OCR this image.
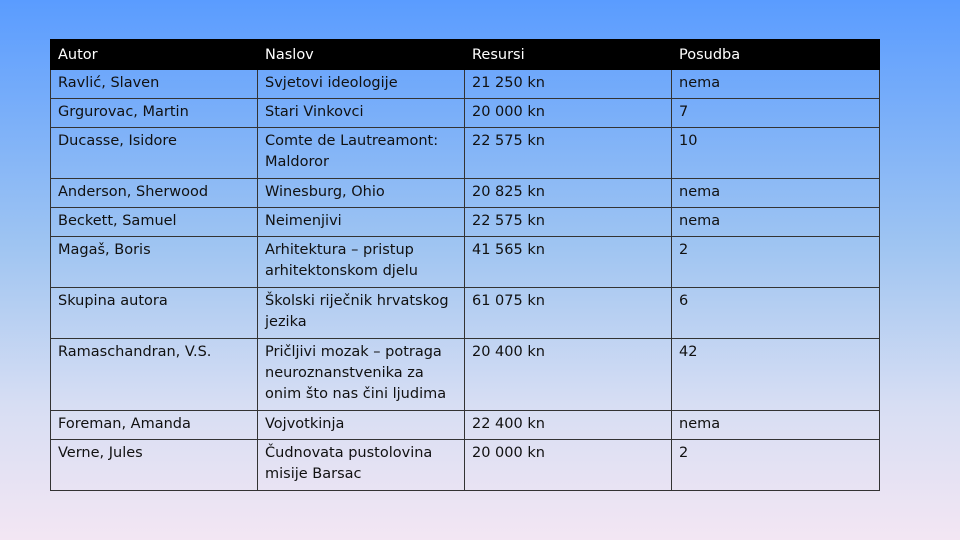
Autor	Naslov	Resursi	Posudba
Ravlić, Slaven	Svjetovi ideologije	21 250 kn	nema
Grgurovac, Martin	Stari Vinkovci	20 000 kn	7
Ducasse, Isidore	Comte de Lautreamont: Maldoror	22 575 kn	10
Anderson, Sherwood	Winesburg, Ohio	20 825 kn	nema
Beckett, Samuel	Neimenjivi	22 575 kn	nema
Magaš, Boris	Arhitektura – pristup arhitektonskom djelu	41 565 kn	2
Skupina autora	Školski riječnik hrvatskog jezika	61 075 kn	6
Ramaschandran, V.S.	Pričljivi mozak – potraga neuroznanstvenika za onim što nas čini ljudima	20 400 kn	42
Foreman, Amanda	Vojvotkinja	22 400 kn	nema
Verne, Jules	Čudnovata pustolovina misije Barsac	20 000 kn	2
